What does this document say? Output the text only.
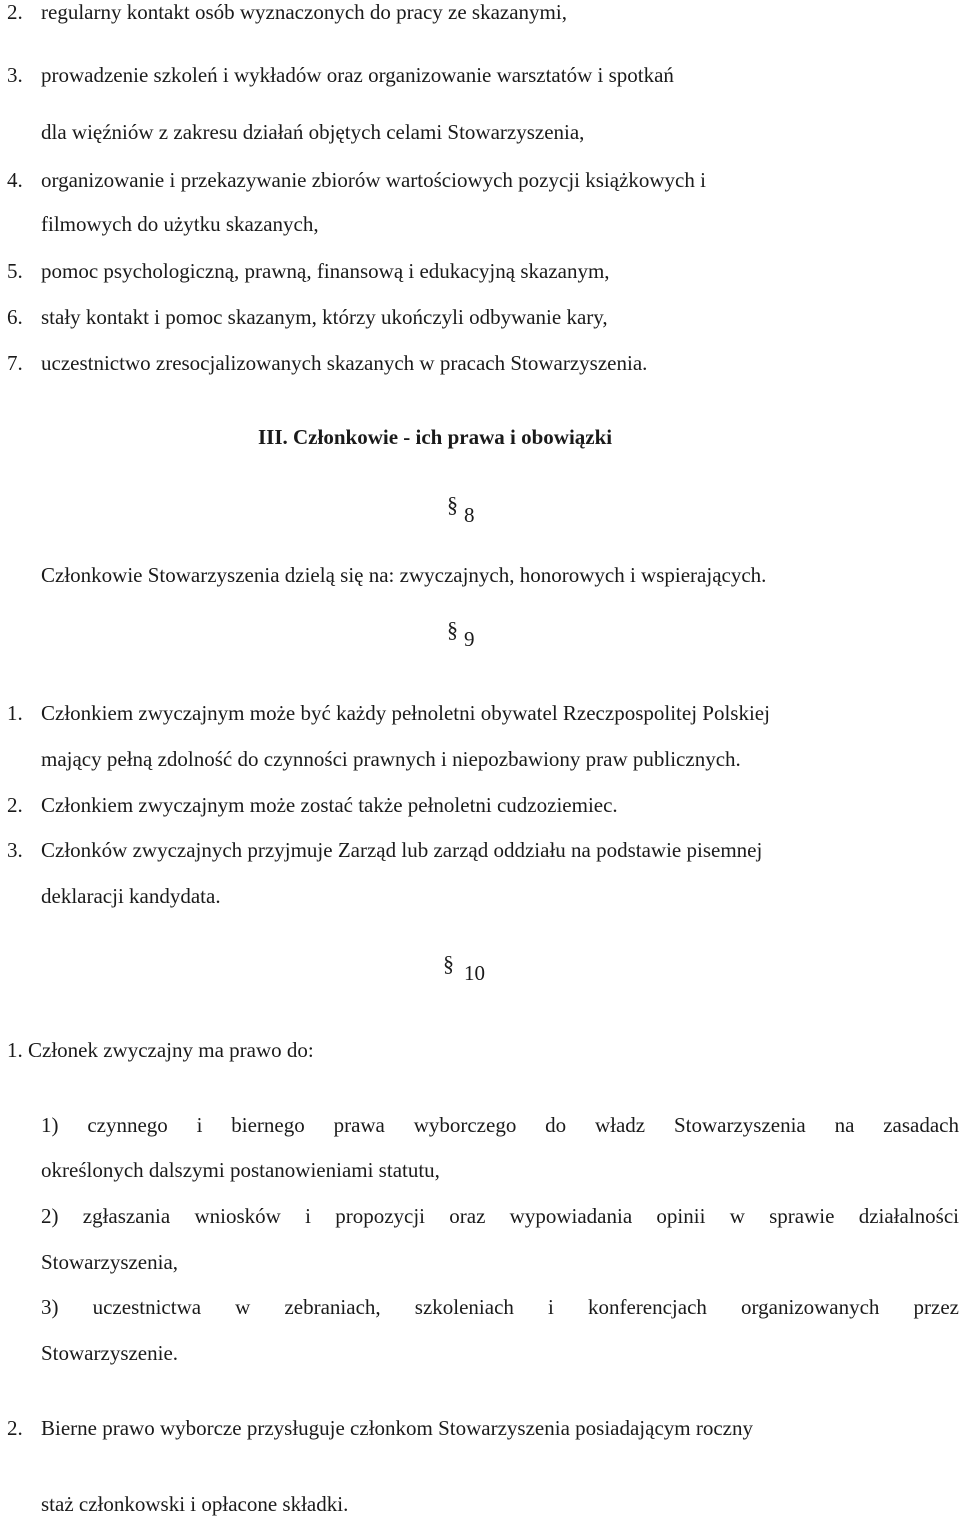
2. regularny kontakt osób wyznaczonych do pracy ze skazanymi,
3. prowadzenie szkoleń i wykładów oraz organizowanie warsztatów i spotkań
dla więźniów z zakresu działań objętych celami Stowarzyszenia,
4. organizowanie i przekazywanie zbiorów wartościowych pozycji książkowych i
filmowych do użytku skazanych,
5. pomoc psychologiczną, prawną, finansową i edukacyjną skazanym,
6. stały kontakt i pomoc skazanym, którzy ukończyli odbywanie kary,
7. uczestnictwo zresocjalizowanych skazanych w pracach Stowarzyszenia.
III. Członkowie - ich prawa i obowiązki
§ 8
Członkowie Stowarzyszenia dzielą się na: zwyczajnych, honorowych i wspierających.
§ 9
1. Członkiem zwyczajnym może być każdy pełnoletni obywatel Rzeczpospolitej Polskiej
mający pełną zdolność do czynności prawnych i niepozbawiony praw publicznych.
2. Członkiem zwyczajnym może zostać także pełnoletni cudzoziemiec.
3. Członków zwyczajnych przyjmuje Zarząd lub zarząd oddziału na podstawie pisemnej
deklaracji kandydata.
§ 10
1. Członek zwyczajny ma prawo do:
1) czynnego i biernego prawa wyborczego do władz Stowarzyszenia na zasadach
określonych dalszymi postanowieniami statutu,
2) zgłaszania wniosków i propozycji oraz wypowiadania opinii w sprawie działalności
Stowarzyszenia,
3) uczestnictwa w zebraniach, szkoleniach i konferencjach organizowanych przez
Stowarzyszenie.
2. Bierne prawo wyborcze przysługuje członkom Stowarzyszenia posiadającym roczny
staż członkowski i opłacone składki.
